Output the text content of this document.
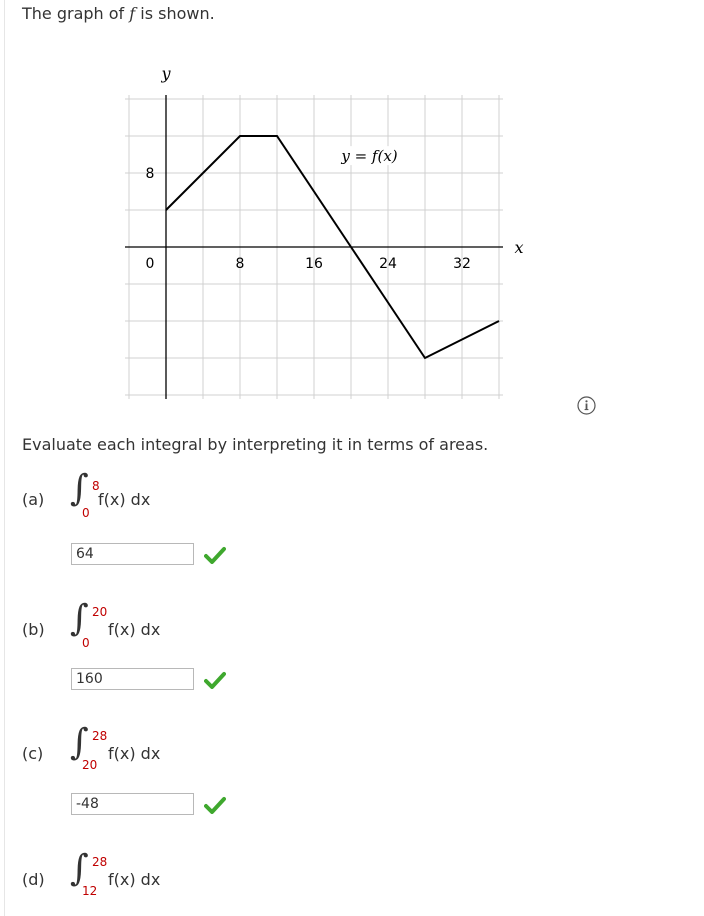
The graph of f is shown.
x
y
0	8	16	24	32
8
y = f(x)
Evaluate each integral by interpreting it in terms of areas.
(a) ∫ 8
0
f(x) dx
64
(b) ∫ 20
0
f(x) dx
160
(c) ∫ 28
20
f(x) dx
-48
(d) ∫ 28
12
f(x) dx
